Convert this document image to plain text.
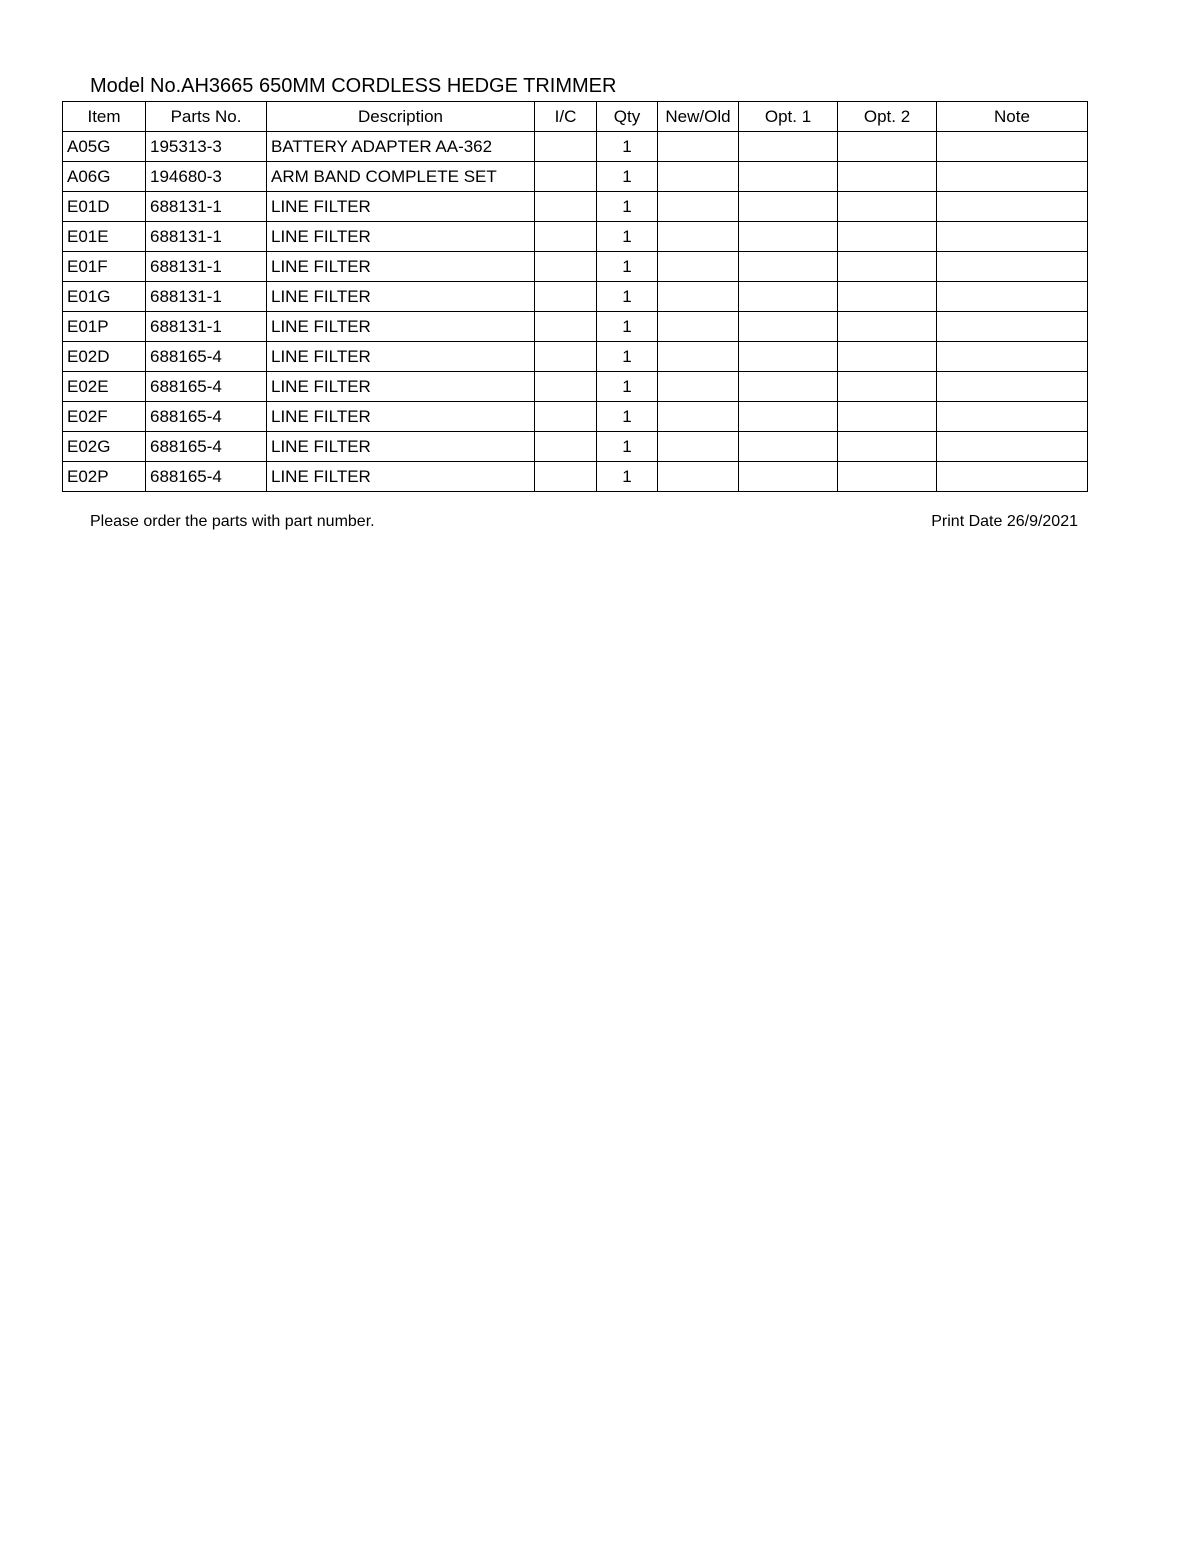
Model No.AH3665 650MM CORDLESS HEDGE TRIMMER
Item	Parts No.	Description	I/C	Qty	New/Old	Opt. 1	Opt. 2	Note
A05G	195313-3	BATTERY ADAPTER AA-362		1				
A06G	194680-3	ARM BAND COMPLETE SET		1				
E01D	688131-1	LINE FILTER		1				
E01E	688131-1	LINE FILTER		1				
E01F	688131-1	LINE FILTER		1				
E01G	688131-1	LINE FILTER		1				
E01P	688131-1	LINE FILTER		1				
E02D	688165-4	LINE FILTER		1				
E02E	688165-4	LINE FILTER		1				
E02F	688165-4	LINE FILTER		1				
E02G	688165-4	LINE FILTER		1				
E02P	688165-4	LINE FILTER		1				
Please order the parts with part number.	Print Date 26/9/2021
